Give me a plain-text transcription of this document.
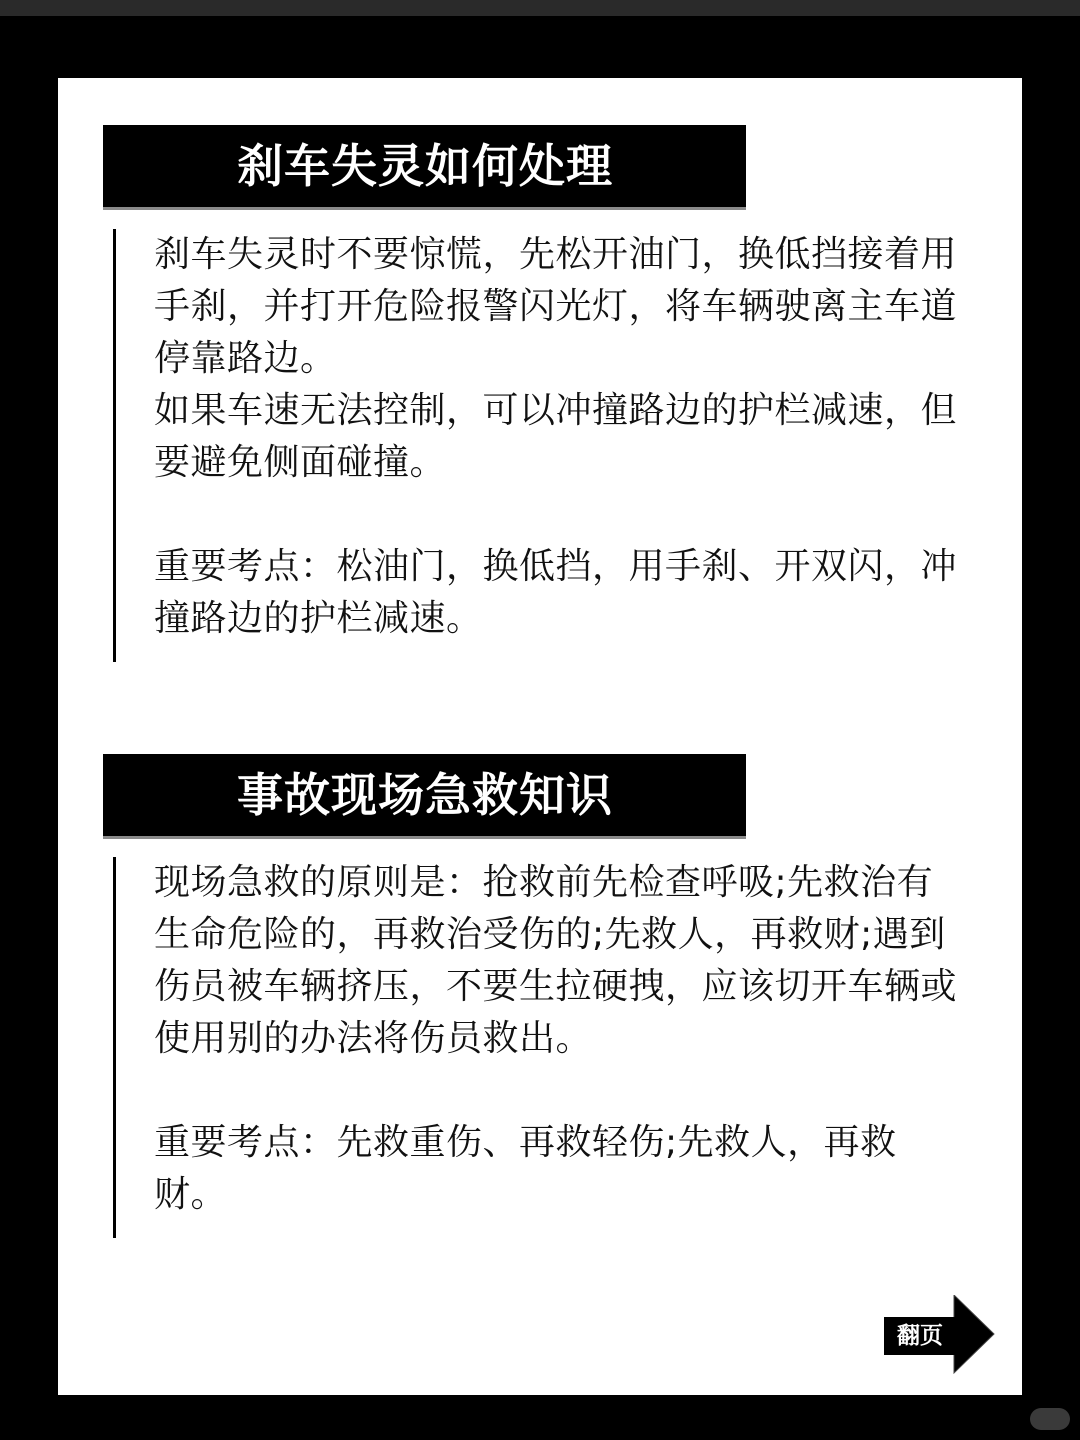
刹车失灵如何处理

刹车失灵时不要惊慌，先松开油门，换低挡接着用手刹，并打开危险报警闪光灯，将车辆驶离主车道停靠路边。

如果车速无法控制，可以冲撞路边的护栏减速，但要避免侧面碰撞。

重要考点：松油门，换低挡，用手刹、开双闪，冲撞路边的护栏减速。

事故现场急救知识

现场急救的原则是：抢救前先检查呼吸;先救治有生命危险的，再救治受伤的;先救人，再救财;遇到伤员被车辆挤压，不要生拉硬拽，应该切开车辆或使用别的办法将伤员救出。

重要考点：先救重伤、再救轻伤;先救人，再救财。

翻页
